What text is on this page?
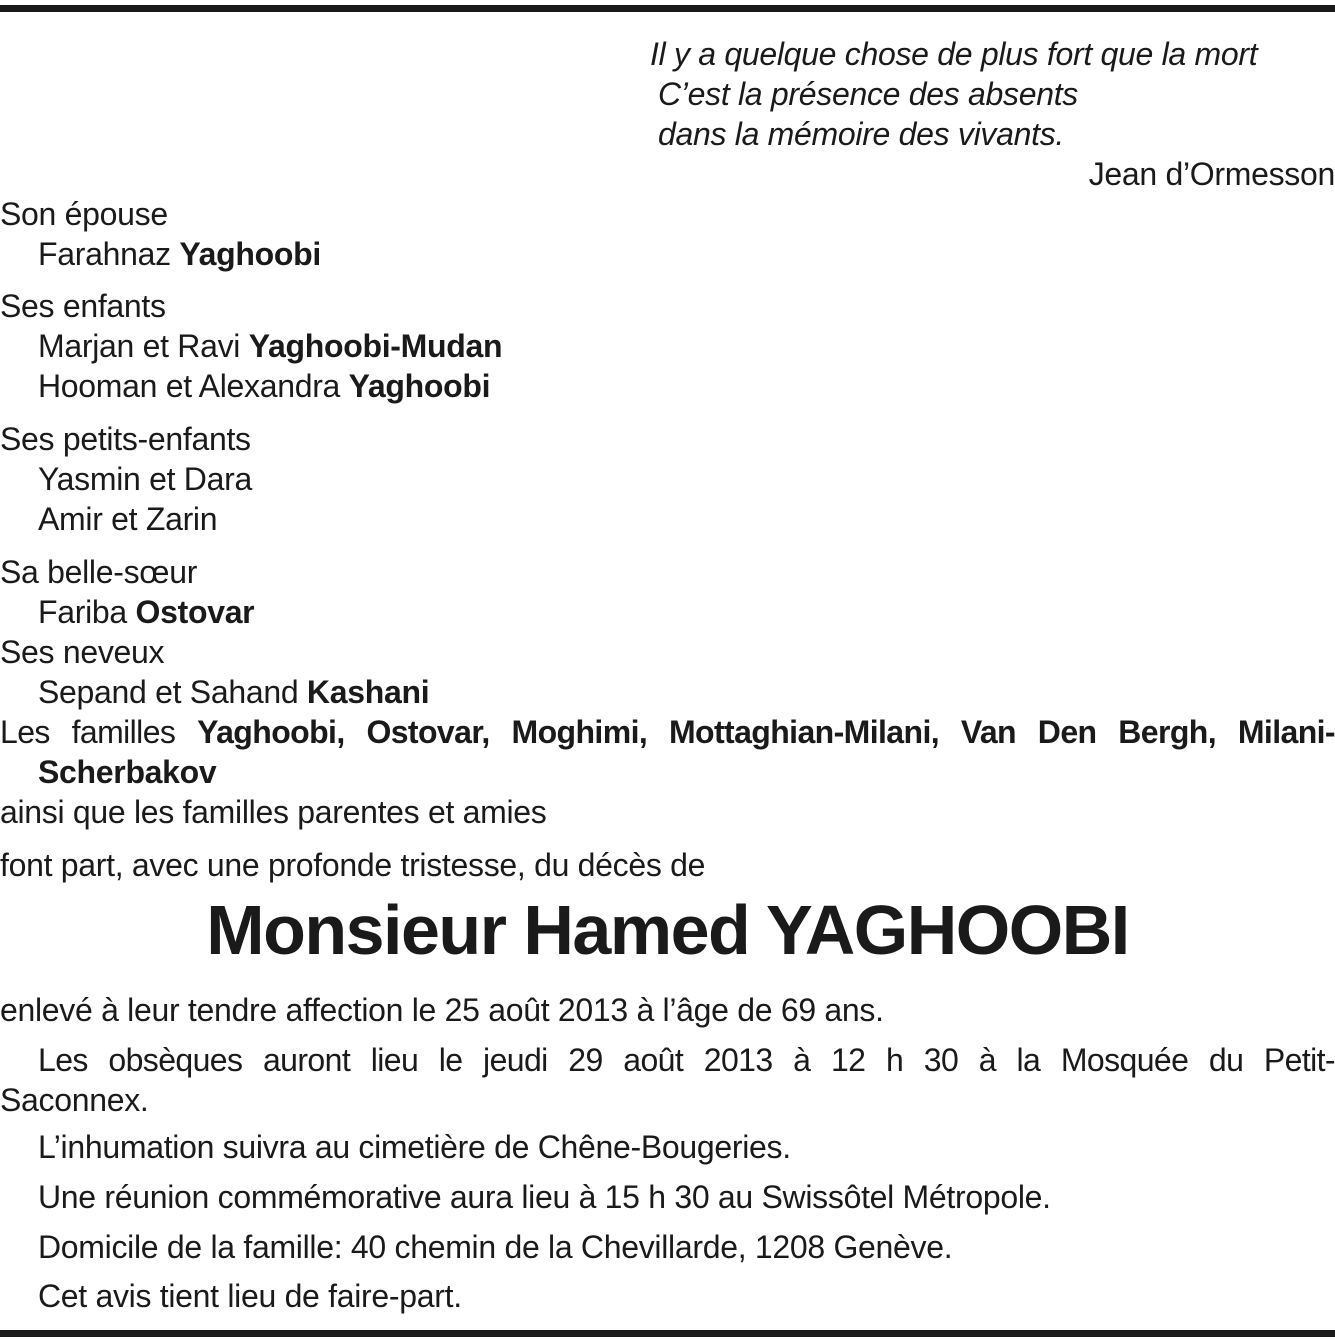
Il y a quelque chose de plus fort que la mort
C’est la présence des absents
dans la mémoire des vivants.
Jean d’Ormesson
Son épouse
Farahnaz Yaghoobi
Ses enfants
Marjan et Ravi Yaghoobi-Mudan
Hooman et Alexandra Yaghoobi
Ses petits-enfants
Yasmin et Dara
Amir et Zarin
Sa belle-sœur
Fariba Ostovar
Ses neveux
Sepand et Sahand Kashani
Les familles Yaghoobi, Ostovar, Moghimi, Mottaghian-Milani, Van Den Bergh, Milani-
Scherbakov
ainsi que les familles parentes et amies
font part, avec une profonde tristesse, du décès de
Monsieur Hamed YAGHOOBI
enlevé à leur tendre affection le 25 août 2013 à l’âge de 69 ans.
Les obsèques auront lieu le jeudi 29 août 2013 à 12 h 30 à la Mosquée du Petit-
Saconnex.
L’inhumation suivra au cimetière de Chêne-Bougeries.
Une réunion commémorative aura lieu à 15 h 30 au Swissôtel Métropole.
Domicile de la famille: 40 chemin de la Chevillarde, 1208 Genève.
Cet avis tient lieu de faire-part.
